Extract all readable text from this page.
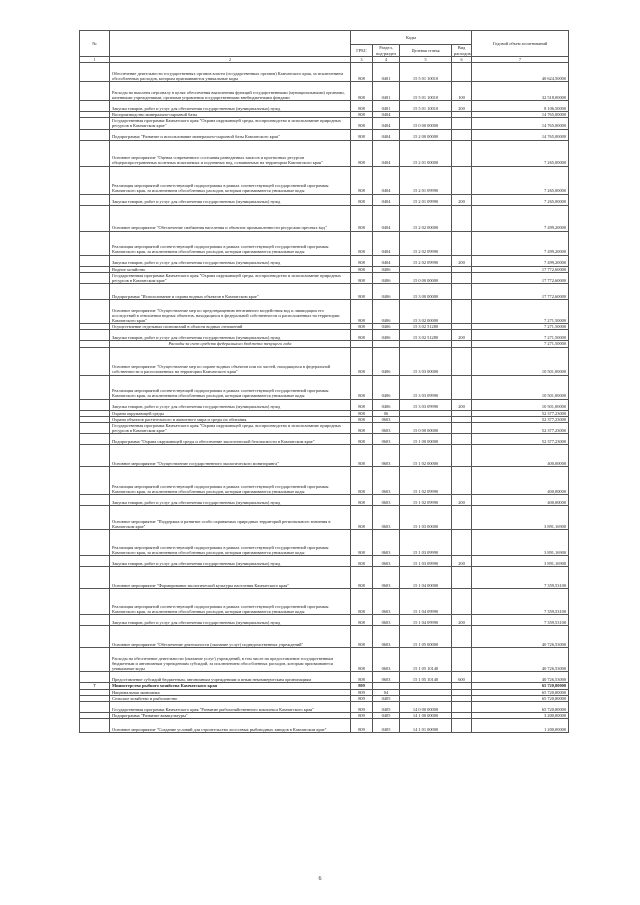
№		Коды				Годовой объем ассигнований
		ГРБС	Раздел, под-раздел	Целевая статья	Вид расходов	
1	2	3	4	5	6	7
	Обеспечение деятельности государственных органов власти (государственных органов) Камчатского края, за исключением обособленных расходов, которым присваиваются уникальные коды	808	0401	15 5 01 10010		40 624,50000
	Расходы на выплаты персоналу в целях обеспечения выполнения функций государственными (муниципальными) органами, казенными учреждениями, органами управления государственными внебюджетными фондами	808	0401	15 5 01 10010	100	32 518,00000
	Закупка товаров, работ и услуг для обеспечения государственных (муниципальных) нужд	808	0401	15 5 01 10010	200	8 106,50000
	Воспроизводство минерально-сырьевой базы	808	0404			14 765,00000
	Государственная программа Камчатского края "Охрана окружающей среды, воспроизводство и использование природных ресурсов в Камчатском крае"	808	0404	15 0 00 00000		14 765,00000
	Подпрограмма "Развитие и использование минерально-сырьевой базы Камчатского края"	808	0404	15 2 00 00000		14 765,00000
	Основное мероприятие "Оценка современного состояния разведанных запасов и прогнозных ресурсов общераспространенных полезных ископаемых и подземных вод, осваиваемых на территории Камчатского края"	808	0404	15 2 01 00000		7 265,00000
	Реализация мероприятий соответствующей подпрограммы в рамках соответствующей государственной программы Камчатского края, за исключением обособленных расходов, которым присваиваются уникальные коды	808	0404	15 2 01 09990		7 265,00000
	Закупка товаров, работ и услуг для обеспечения государственных (муниципальных) нужд	808	0404	15 2 01 09990	200	7 265,00000
	Основное мероприятие "Обеспечение снабжения населения и объектов промышленности ресурсами пресных вод"	808	0404	15 2 02 00000		7 499,20000
	Реализация мероприятий соответствующей подпрограммы в рамках соответствующей государственной программы Камчатского края, за исключением обособленных расходов, которым присваиваются уникальные коды	808	0404	15 2 02 09990		7 499,20000
	Закупка товаров, работ и услуг для обеспечения государственных (муниципальных) нужд	808	0404	15 2 02 09990	200	7 499,20000
	Водное хозяйство	808	0406			17 772,60000
	Государственная программа Камчатского края "Охрана окружающей среды, воспроизводство и использование природных ресурсов в Камчатском крае"	808	0406	15 0 00 00000		17 772,60000
	Подпрограмма "Использование и охрана водных объектов в Камчатском крае"	808	0406	15 3 00 00000		17 772,60000
	Основное мероприятие "Осуществление мер по предотвращению негативного воздействия вод и ликвидации его последствий в отношении водных объектов, находящихся в федеральной собственности и расположенных на территории Камчатского края"	808	0406	15 3 02 00000		7 271,50000
	Осуществление отдельных полномочий в области водных отношений	808	0406	15 3 02 51280		7 271,50000
	Закупка товаров, работ и услуг для обеспечения государственных (муниципальных) нужд	808	0406	15 3 02 51280	200	7 271,50000
	Расходы за счет средств федерального бюджета текущего года					7 271,50000
	Основное мероприятие "Осуществление мер по охране водных объектов или их частей, находящихся в федеральной собственности и расположенных на территории Камчатского края"	808	0406	15 3 03 00000		10 501,00000
	Реализация мероприятий соответствующей подпрограммы в рамках соответствующей государственной программы Камчатского края, за исключением обособленных расходов, которым присваиваются уникальные коды	808	0406	15 3 03 09990		10 501,00000
	Закупка товаров, работ и услуг для обеспечения государственных (муниципальных) нужд	808	0406	15 3 03 09990	200	10 501,00000
	Охрана окружающей среды	808	06			52 377,23000
	Охрана объектов растительного и животного мира и среды их обитания	808	0603			52 377,23000
	Государственная программа Камчатского края "Охрана окружающей среды, воспроизводство и использование природных ресурсов в Камчатском крае"	808	0603	15 0 00 00000		52 377,23000
	Подпрограмма "Охрана окружающей среды и обеспечение экологической безопасности в Камчатском крае"	808	0603	15 1 00 00000		52 377,23000
	Основное мероприятие "Осуществление государственного экологического мониторинга"	808	0603	15 1 02 00000		400,00000
	Реализация мероприятий соответствующей подпрограммы в рамках соответствующей государственной программы Камчатского края, за исключением обособленных расходов, которым присваиваются уникальные коды	808	0603	15 1 02 09990		400,00000
	Закупка товаров, работ и услуг для обеспечения государственных (муниципальных) нужд	808	0603	15 1 02 09990	200	400,00000
	Основное мероприятие "Поддержка и развитие особо охраняемых природных территорий регионального значения в Камчатском крае"	808	0603	15 1 03 00000		3 891,16900
	Реализация мероприятий соответствующей подпрограммы в рамках соответствующей государственной программы Камчатского края, за исключением обособленных расходов, которым присваиваются уникальные коды	808	0603	15 1 03 09990		3 891,16900
	Закупка товаров, работ и услуг для обеспечения государственных (муниципальных) нужд	808	0603	15 1 03 09990	200	3 891,16900
	Основное мероприятие "Формирование экологической культуры населения Камчатского края"	808	0603	15 1 04 00000		7 359,53100
	Реализация мероприятий соответствующей подпрограммы в рамках соответствующей государственной программы Камчатского края, за исключением обособленных расходов, которым присваиваются уникальные коды	808	0603	15 1 04 09990		7 359,53100
	Закупка товаров, работ и услуг для обеспечения государственных (муниципальных) нужд	808	0603	15 1 04 09990	200	7 359,53100
	Основное мероприятие "Обеспечение деятельности (оказание услуг) подведомственных учреждений"	808	0603	15 1 05 00000		40 726,53000
	Расходы на обеспечение деятельности (оказание услуг) учреждений, в том числе на предоставление государственным бюджетным и автономным учреждениям субсидий, за исключением обособленных расходов, которым присваиваются уникальные коды	808	0603	15 1 05 10140		40 726,53000
	Предоставление субсидий бюджетным, автономным учреждениям и иным некоммерческим организациям	808	0603	15 1 05 10140	600	40 726,53000
7	Министерство рыбного хозяйства Камчатского края	809				65 720,80000
	Национальная экономика	809	04			65 720,80000
	Сельское хозяйство и рыболовство	809	0405			65 720,80000
	Государственная программа Камчатского края "Развитие рыбохозяйственного комплекса Камчатского края"	809	0405	14 0 00 00000		65 720,80000
	Подпрограмма "Развитие аквакультуры"	809	0405	14 1 00 00000		3 200,00000
	Основное мероприятие "Создание условий для строительства лососевых рыбоводных заводов в Камчатском крае"	809	0405	14 1 01 00000		1 200,00000
6
